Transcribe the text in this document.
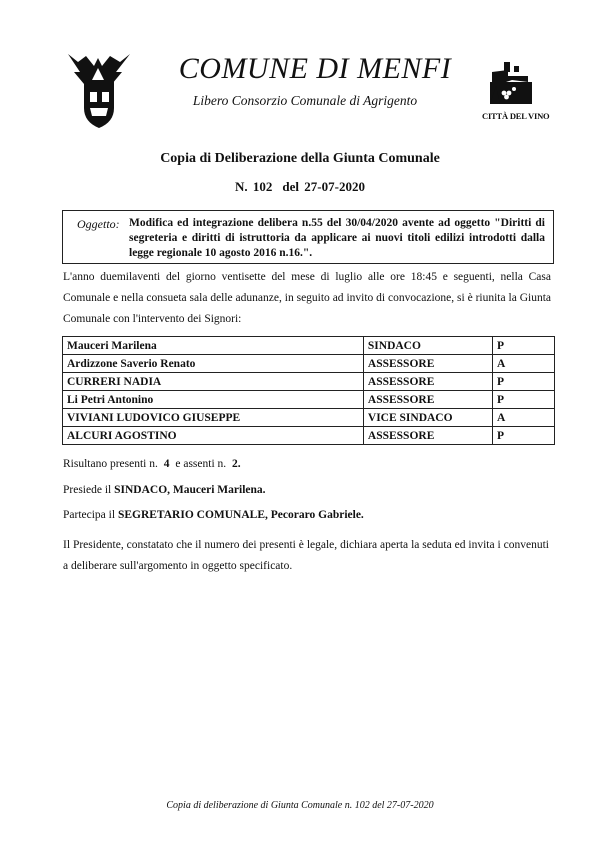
CITTÀ DEL VINO
COMUNE DI MENFI
Libero Consorzio Comunale di Agrigento
Copia di Deliberazione della Giunta Comunale
N. 102 del 27-07-2020
Oggetto: Modifica ed integrazione delibera n.55 del 30/04/2020 avente ad oggetto "Diritti di segreteria e diritti di istruttoria da applicare ai nuovi titoli edilizi introdotti dalla legge regionale 10 agosto 2016 n.16.".
L'anno duemilaventi del giorno ventisette del mese di luglio alle ore 18:45 e seguenti, nella Casa Comunale e nella consueta sala delle adunanze, in seguito ad invito di convocazione, si è riunita la Giunta Comunale con l'intervento dei Signori:
Mauceri Marilena	SINDACO	P
Ardizzone Saverio Renato	ASSESSORE	A
CURRERI NADIA	ASSESSORE	P
Li Petri Antonino	ASSESSORE	P
VIVIANI LUDOVICO GIUSEPPE	VICE SINDACO	A
ALCURI AGOSTINO	ASSESSORE	P
Risultano presenti n. 4 e assenti n. 2.
Presiede il SINDACO, Mauceri Marilena.
Partecipa il SEGRETARIO COMUNALE, Pecoraro Gabriele.
Il Presidente, constatato che il numero dei presenti è legale, dichiara aperta la seduta ed invita i convenuti a deliberare sull'argomento in oggetto specificato.
Copia di deliberazione di Giunta Comunale n. 102 del 27-07-2020
